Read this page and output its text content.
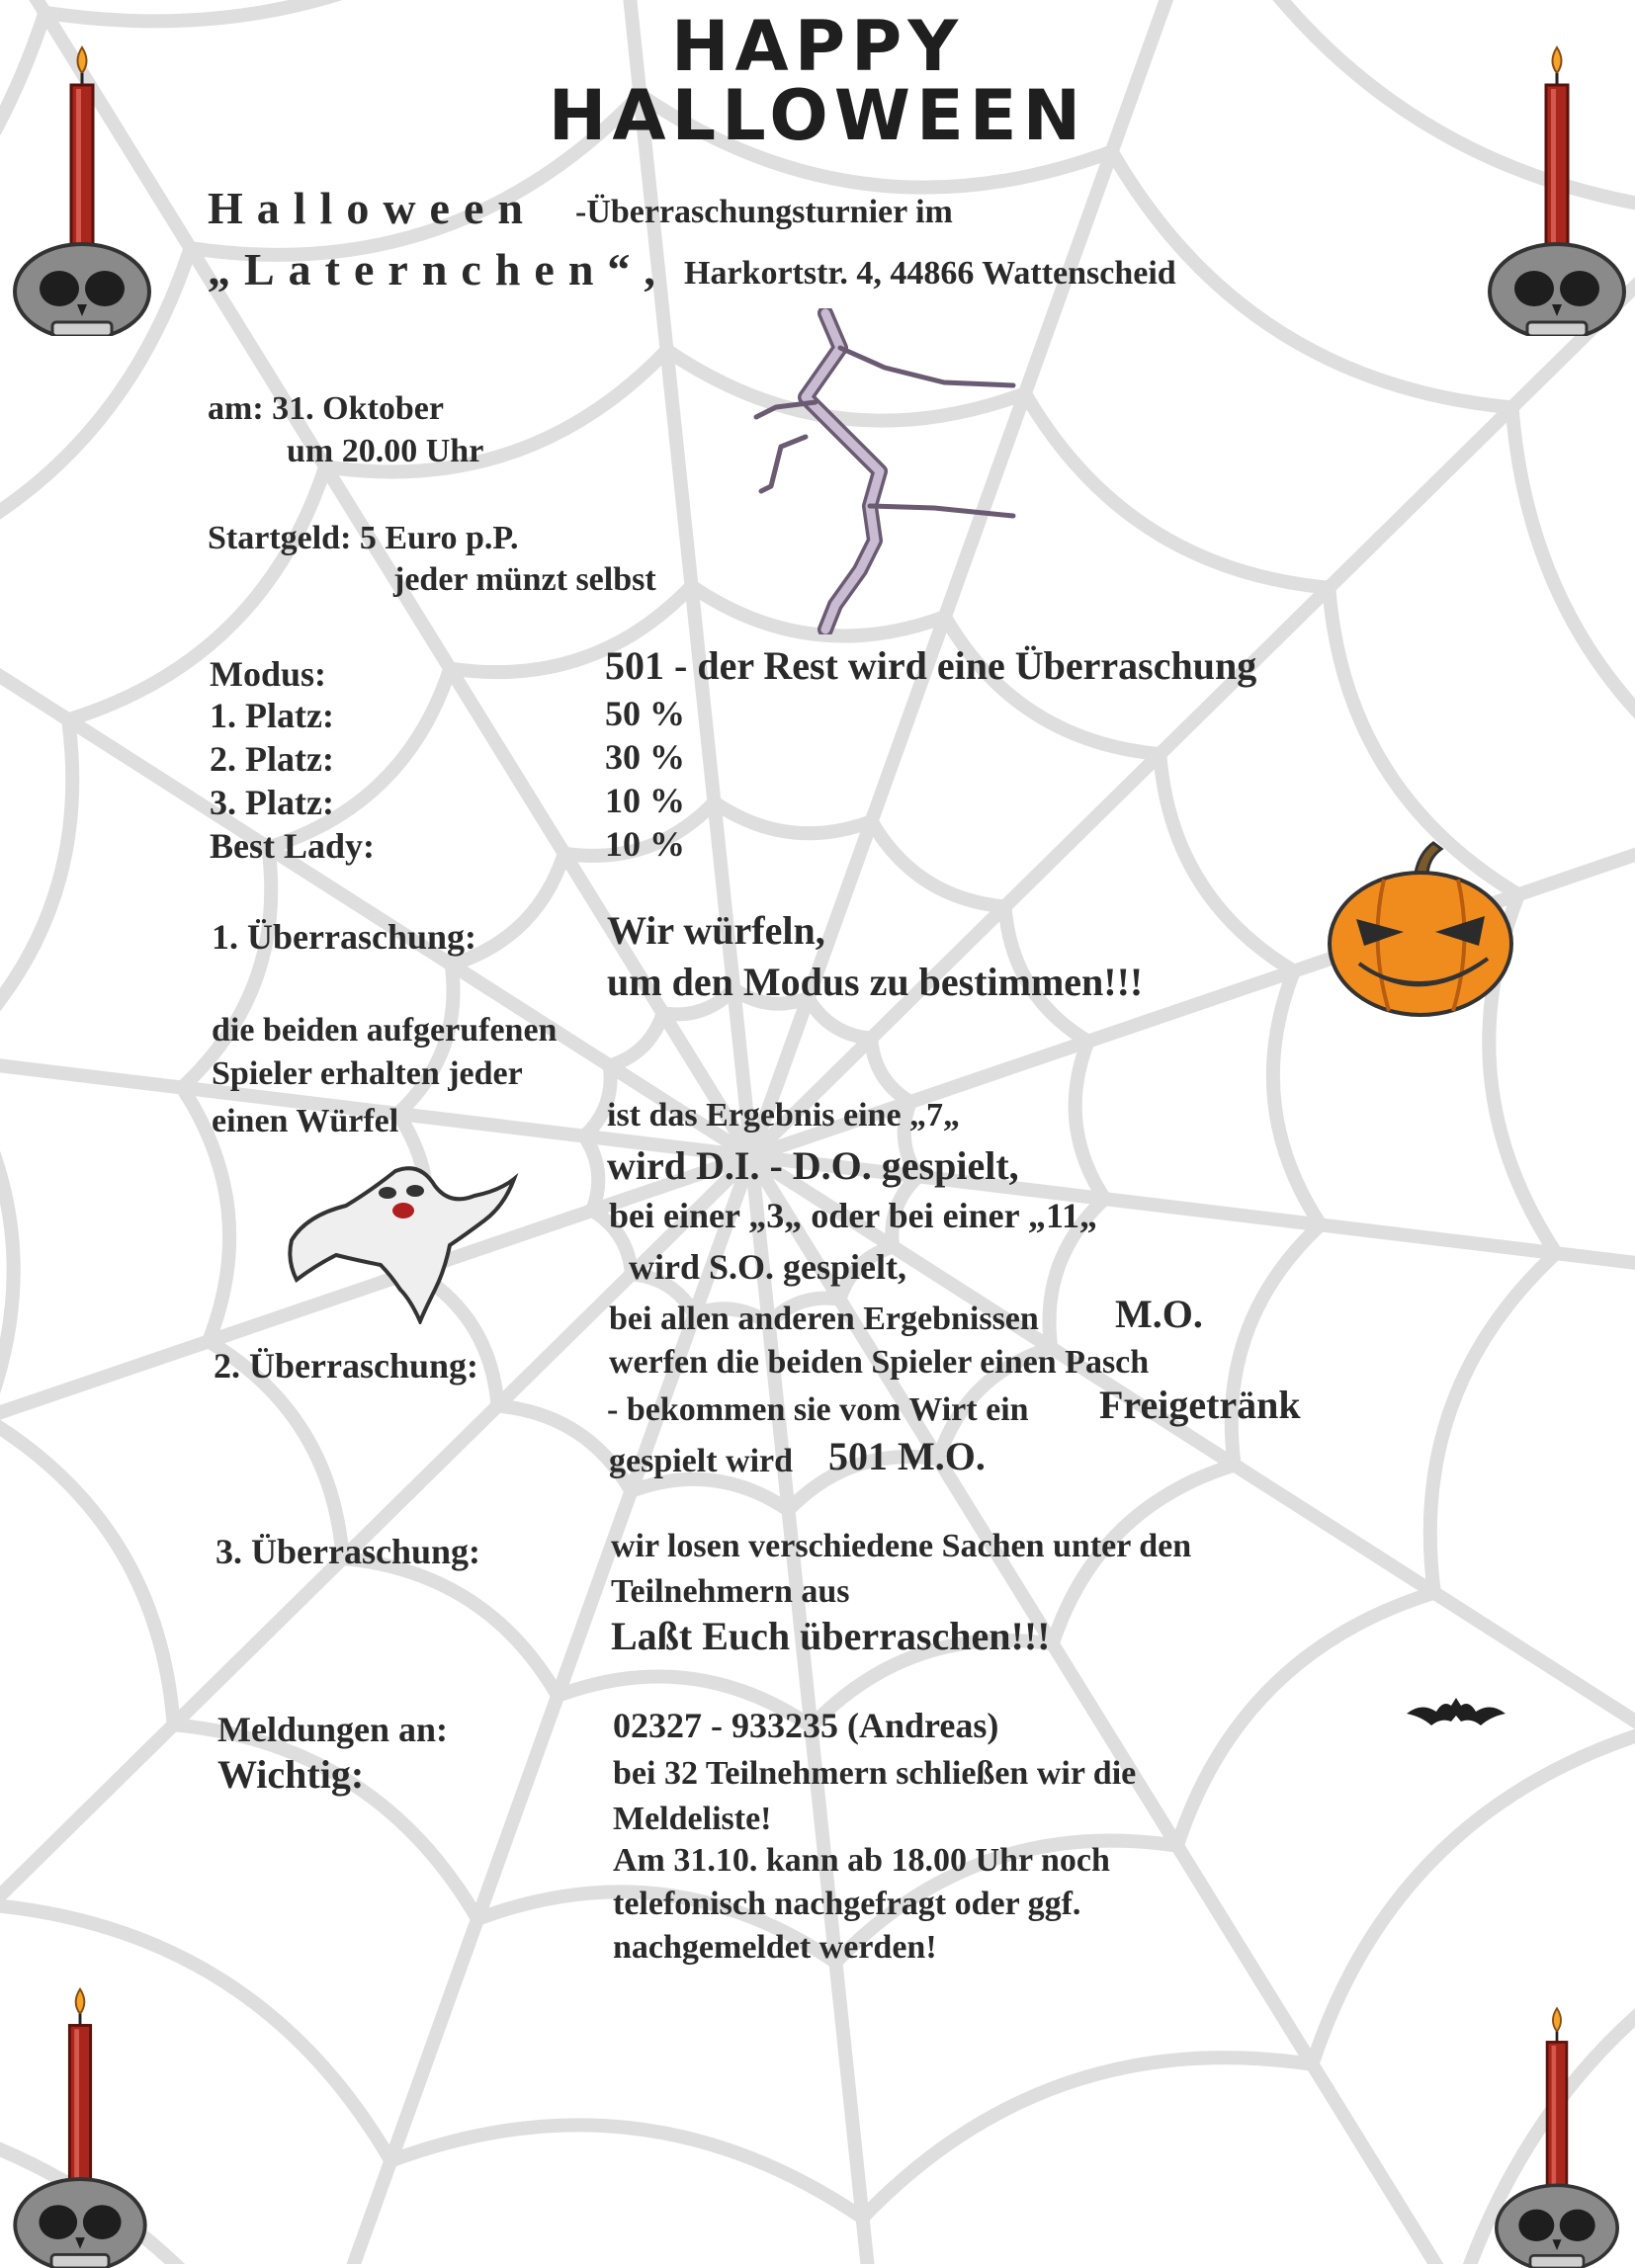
HAPPY
HALLOWEEN
Halloween -Überraschungsturnier im
„Laternchen“, Harkortstr. 4, 44866 Wattenscheid
am: 31. Oktober
um 20.00 Uhr
Startgeld: 5 Euro p.P.
jeder münzt selbst
Modus:	501 - der Rest wird eine Überraschung
1. Platz:	50 %
2. Platz:	30 %
3. Platz:	10 %
Best Lady:	10 %
1. Überraschung:	Wir würfeln,
um den Modus zu bestimmen!!!
die beiden aufgerufenen
Spieler erhalten jeder
einen Würfel	ist das Ergebnis eine „7„
wird D.I. - D.O. gespielt,
bei einer „3„ oder bei einer „11„
wird S.O. gespielt,
bei allen anderen Ergebnissen M.O.
2. Überraschung:	werfen die beiden Spieler einen Pasch
- bekommen sie vom Wirt ein Freigetränk
gespielt wird 501 M.O.
3. Überraschung:	wir losen verschiedene Sachen unter den
Teilnehmern aus
Laßt Euch überraschen!!!
Meldungen an:	02327 - 933235 (Andreas)
Wichtig:	bei 32 Teilnehmern schließen wir die
Meldeliste!
Am 31.10. kann ab 18.00 Uhr noch
telefonisch nachgefragt oder ggf.
nachgemeldet werden!
